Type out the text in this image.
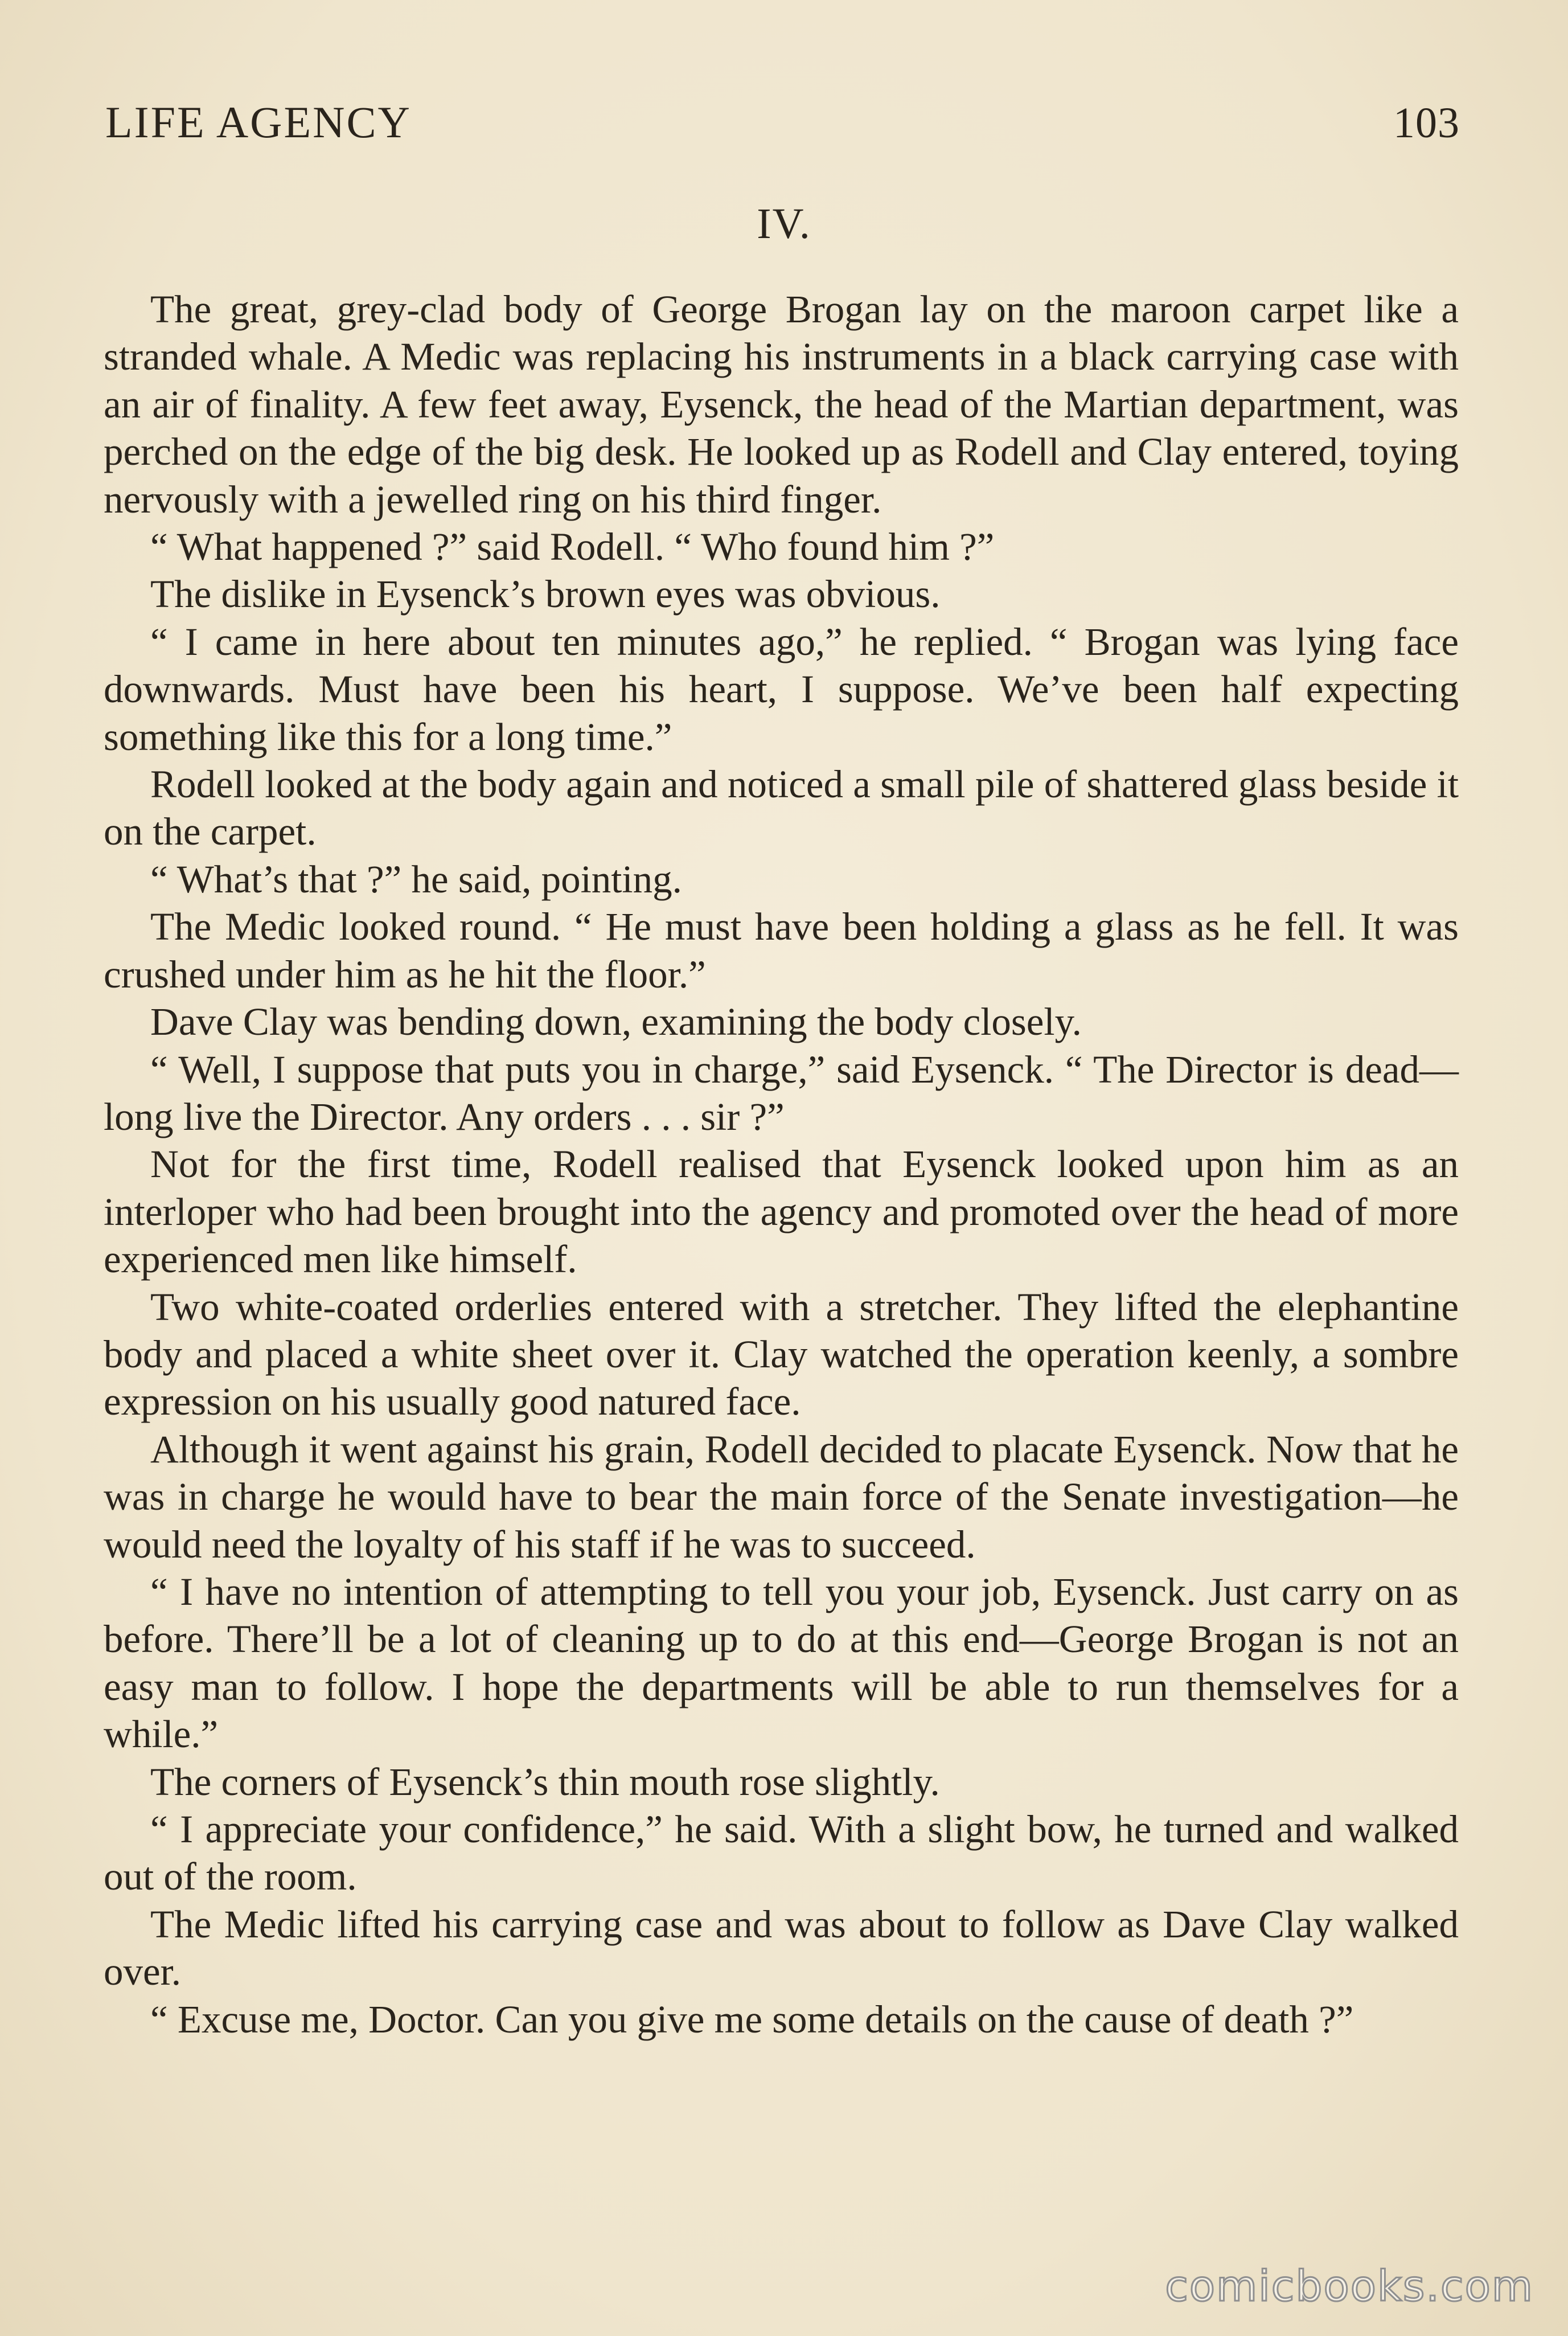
LIFE AGENCY	103
IV.

The great, grey-clad body of George Brogan lay on the maroon carpet like a stranded whale. A Medic was replacing his instruments in a black carrying case with an air of finality. A few feet away, Eysenck, the head of the Martian department, was perched on the edge of the big desk. He looked up as Rodell and Clay entered, toying nervously with a jewelled ring on his third finger.

“ What happened ?” said Rodell. “ Who found him ?”

The dislike in Eysenck’s brown eyes was obvious.

“ I came in here about ten minutes ago,” he replied. “ Brogan was lying face downwards. Must have been his heart, I suppose. We’ve been half expecting something like this for a long time.”

Rodell looked at the body again and noticed a small pile of shattered glass beside it on the carpet.

“ What’s that ?” he said, pointing.

The Medic looked round. “ He must have been holding a glass as he fell. It was crushed under him as he hit the floor.”

Dave Clay was bending down, examining the body closely.

“ Well, I suppose that puts you in charge,” said Eysenck. “ The Director is dead—long live the Director. Any orders . . . sir ?”

Not for the first time, Rodell realised that Eysenck looked upon him as an interloper who had been brought into the agency and promoted over the head of more experienced men like himself.

Two white-coated orderlies entered with a stretcher. They lifted the elephantine body and placed a white sheet over it. Clay watched the operation keenly, a sombre expression on his usually good natured face.

Although it went against his grain, Rodell decided to placate Eysenck. Now that he was in charge he would have to bear the main force of the Senate investigation—he would need the loyalty of his staff if he was to succeed.

“ I have no intention of attempting to tell you your job, Eysenck. Just carry on as before. There’ll be a lot of cleaning up to do at this end—George Brogan is not an easy man to follow. I hope the departments will be able to run themselves for a while.”

The corners of Eysenck’s thin mouth rose slightly.

“ I appreciate your confidence,” he said. With a slight bow, he turned and walked out of the room.

The Medic lifted his carrying case and was about to follow as Dave Clay walked over.

“ Excuse me, Doctor. Can you give me some details on the cause of death ?”

comicbooks.com
